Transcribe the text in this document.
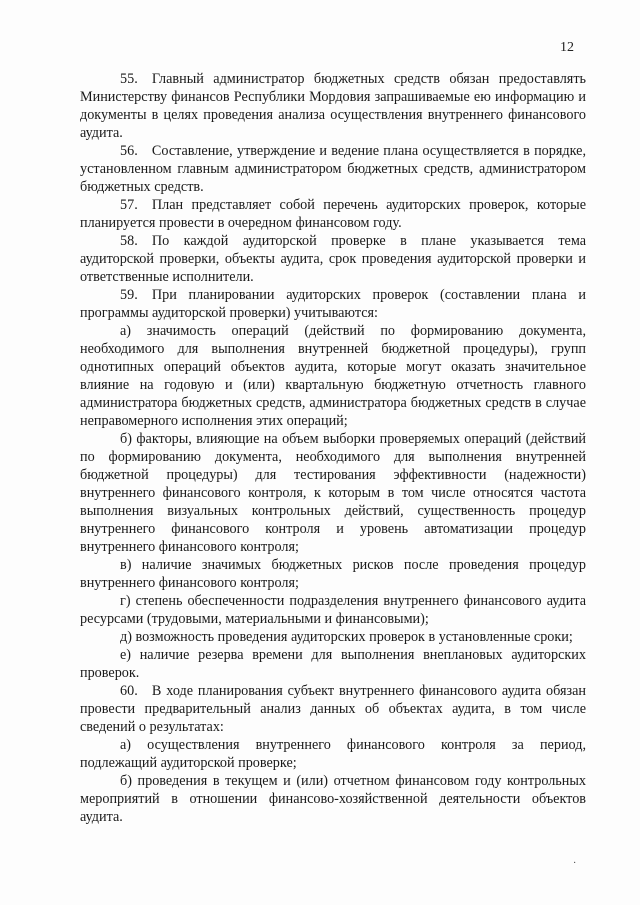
12

55. Главный администратор бюджетных средств обязан предоставлять Министерству финансов Республики Мордовия запрашиваемые ею информацию и документы в целях проведения анализа осуществления внутреннего финансового аудита.

56. Составление, утверждение и ведение плана осуществляется в порядке, установленном главным администратором бюджетных средств, администратором бюджетных средств.

57. План представляет собой перечень аудиторских проверок, которые планируется провести в очередном финансовом году.

58. По каждой аудиторской проверке в плане указывается тема аудиторской проверки, объекты аудита, срок проведения аудиторской проверки и ответственные исполнители.

59. При планировании аудиторских проверок (составлении плана и программы аудиторской проверки) учитываются:

а) значимость операций (действий по формированию документа, необходимого для выполнения внутренней бюджетной процедуры), групп однотипных операций объектов аудита, которые могут оказать значительное влияние на годовую и (или) квартальную бюджетную отчетность главного администратора бюджетных средств, администратора бюджетных средств в случае неправомерного исполнения этих операций;

б) факторы, влияющие на объем выборки проверяемых операций (действий по формированию документа, необходимого для выполнения внутренней бюджетной процедуры) для тестирования эффективности (надежности) внутреннего финансового контроля, к которым в том числе относятся частота выполнения визуальных контрольных действий, существенность процедур внутреннего финансового контроля и уровень автоматизации процедур внутреннего финансового контроля;

в) наличие значимых бюджетных рисков после проведения процедур внутреннего финансового контроля;

г) степень обеспеченности подразделения внутреннего финансового аудита ресурсами (трудовыми, материальными и финансовыми);

д) возможность проведения аудиторских проверок в установленные сроки;

е) наличие резерва времени для выполнения внеплановых аудиторских проверок.

60. В ходе планирования субъект внутреннего финансового аудита обязан провести предварительный анализ данных об объектах аудита, в том числе сведений о результатах:

а) осуществления внутреннего финансового контроля за период, подлежащий аудиторской проверке;

б) проведения в текущем и (или) отчетном финансовом году контрольных мероприятий в отношении финансово-хозяйственной деятельности объектов аудита.

·
